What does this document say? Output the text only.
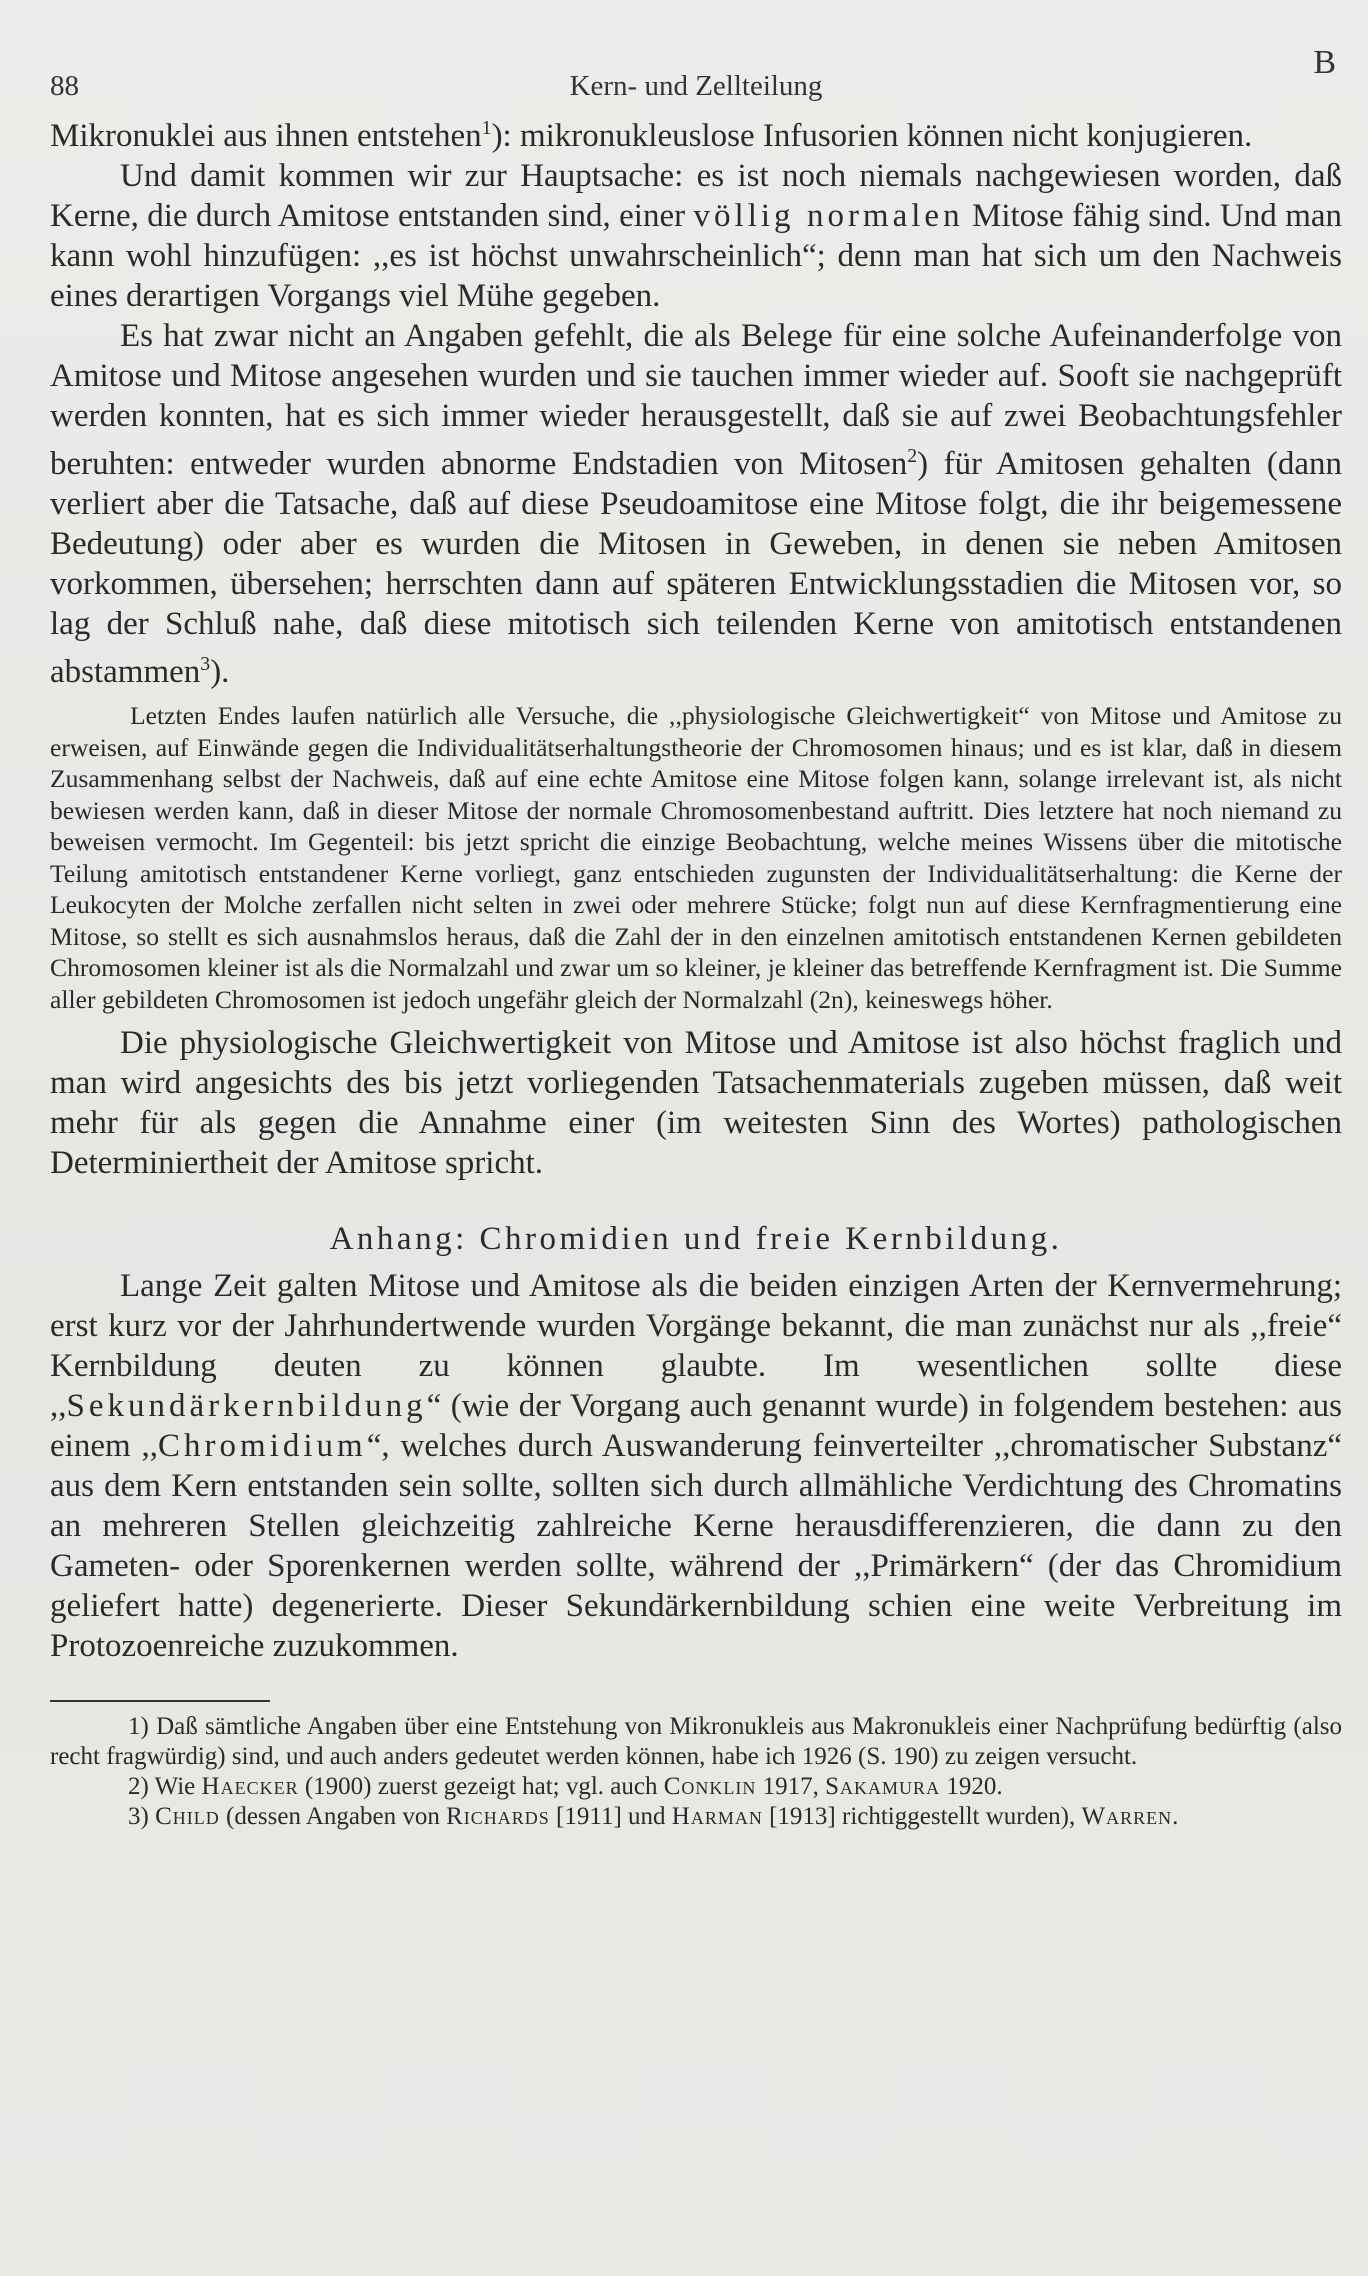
88	Kern- und Zellteilung
B

Mikronuklei aus ihnen entstehen$^1$): mikronukleuslose Infusorien können nicht konjugieren.

Und damit kommen wir zur Hauptsache: es ist noch niemals nachgewiesen worden, daß Kerne, die durch Amitose entstanden sind, einer völlig normalen Mitose fähig sind. Und man kann wohl hinzufügen: ,,es ist höchst unwahrscheinlich“; denn man hat sich um den Nachweis eines derartigen Vorgangs viel Mühe gegeben.

Es hat zwar nicht an Angaben gefehlt, die als Belege für eine solche Aufeinanderfolge von Amitose und Mitose angesehen wurden und sie tauchen immer wieder auf. Sooft sie nachgeprüft werden konnten, hat es sich immer wieder herausgestellt, daß sie auf zwei Beobachtungsfehler beruhten: entweder wurden abnorme Endstadien von Mitosen$^2$) für Amitosen gehalten (dann verliert aber die Tatsache, daß auf diese Pseudoamitose eine Mitose folgt, die ihr beigemessene Bedeutung) oder aber es wurden die Mitosen in Geweben, in denen sie neben Amitosen vorkommen, übersehen; herrschten dann auf späteren Entwicklungsstadien die Mitosen vor, so lag der Schluß nahe, daß diese mitotisch sich teilenden Kerne von amitotisch entstandenen abstammen$^3$).

Letzten Endes laufen natürlich alle Versuche, die ,,physiologische Gleichwertigkeit“ von Mitose und Amitose zu erweisen, auf Einwände gegen die Individualitätserhaltungstheorie der Chromosomen hinaus; und es ist klar, daß in diesem Zusammenhang selbst der Nachweis, daß auf eine echte Amitose eine Mitose folgen kann, solange irrelevant ist, als nicht bewiesen werden kann, daß in dieser Mitose der normale Chromosomenbestand auftritt. Dies letztere hat noch niemand zu beweisen vermocht. Im Gegenteil: bis jetzt spricht die einzige Beobachtung, welche meines Wissens über die mitotische Teilung amitotisch entstandener Kerne vorliegt, ganz entschieden zugunsten der Individualitätserhaltung: die Kerne der Leukocyten der Molche zerfallen nicht selten in zwei oder mehrere Stücke; folgt nun auf diese Kernfragmentierung eine Mitose, so stellt es sich ausnahmslos heraus, daß die Zahl der in den einzelnen amitotisch entstandenen Kernen gebildeten Chromosomen kleiner ist als die Normalzahl und zwar um so kleiner, je kleiner das betreffende Kernfragment ist. Die Summe aller gebildeten Chromosomen ist jedoch ungefähr gleich der Normalzahl (2n), keineswegs höher.

Die physiologische Gleichwertigkeit von Mitose und Amitose ist also höchst fraglich und man wird angesichts des bis jetzt vorliegenden Tatsachenmaterials zugeben müssen, daß weit mehr für als gegen die Annahme einer (im weitesten Sinn des Wortes) pathologischen Determiniertheit der Amitose spricht.

Anhang: Chromidien und freie Kernbildung.

Lange Zeit galten Mitose und Amitose als die beiden einzigen Arten der Kernvermehrung; erst kurz vor der Jahrhundertwende wurden Vorgänge bekannt, die man zunächst nur als ,,freie“ Kernbildung deuten zu können glaubte. Im wesentlichen sollte diese ,,Sekundärkernbildung“ (wie der Vorgang auch genannt wurde) in folgendem bestehen: aus einem ,,Chromidium“, welches durch Auswanderung feinverteilter ,,chromatischer Substanz“ aus dem Kern entstanden sein sollte, sollten sich durch allmähliche Verdichtung des Chromatins an mehreren Stellen gleichzeitig zahlreiche Kerne herausdifferenzieren, die dann zu den Gameten- oder Sporenkernen werden sollte, während der ,,Primärkern“ (der das Chromidium geliefert hatte) degenerierte. Dieser Sekundärkernbildung schien eine weite Verbreitung im Protozoenreiche zuzukommen.

1) Daß sämtliche Angaben über eine Entstehung von Mikronukleis aus Makronukleis einer Nachprüfung bedürftig (also recht fragwürdig) sind, und auch anders gedeutet werden können, habe ich 1926 (S. 190) zu zeigen versucht.

2) Wie Haecker (1900) zuerst gezeigt hat; vgl. auch Conklin 1917, Sakamura 1920.

3) Child (dessen Angaben von Richards [1911] und Harman [1913] richtiggestellt wurden), Warren.
